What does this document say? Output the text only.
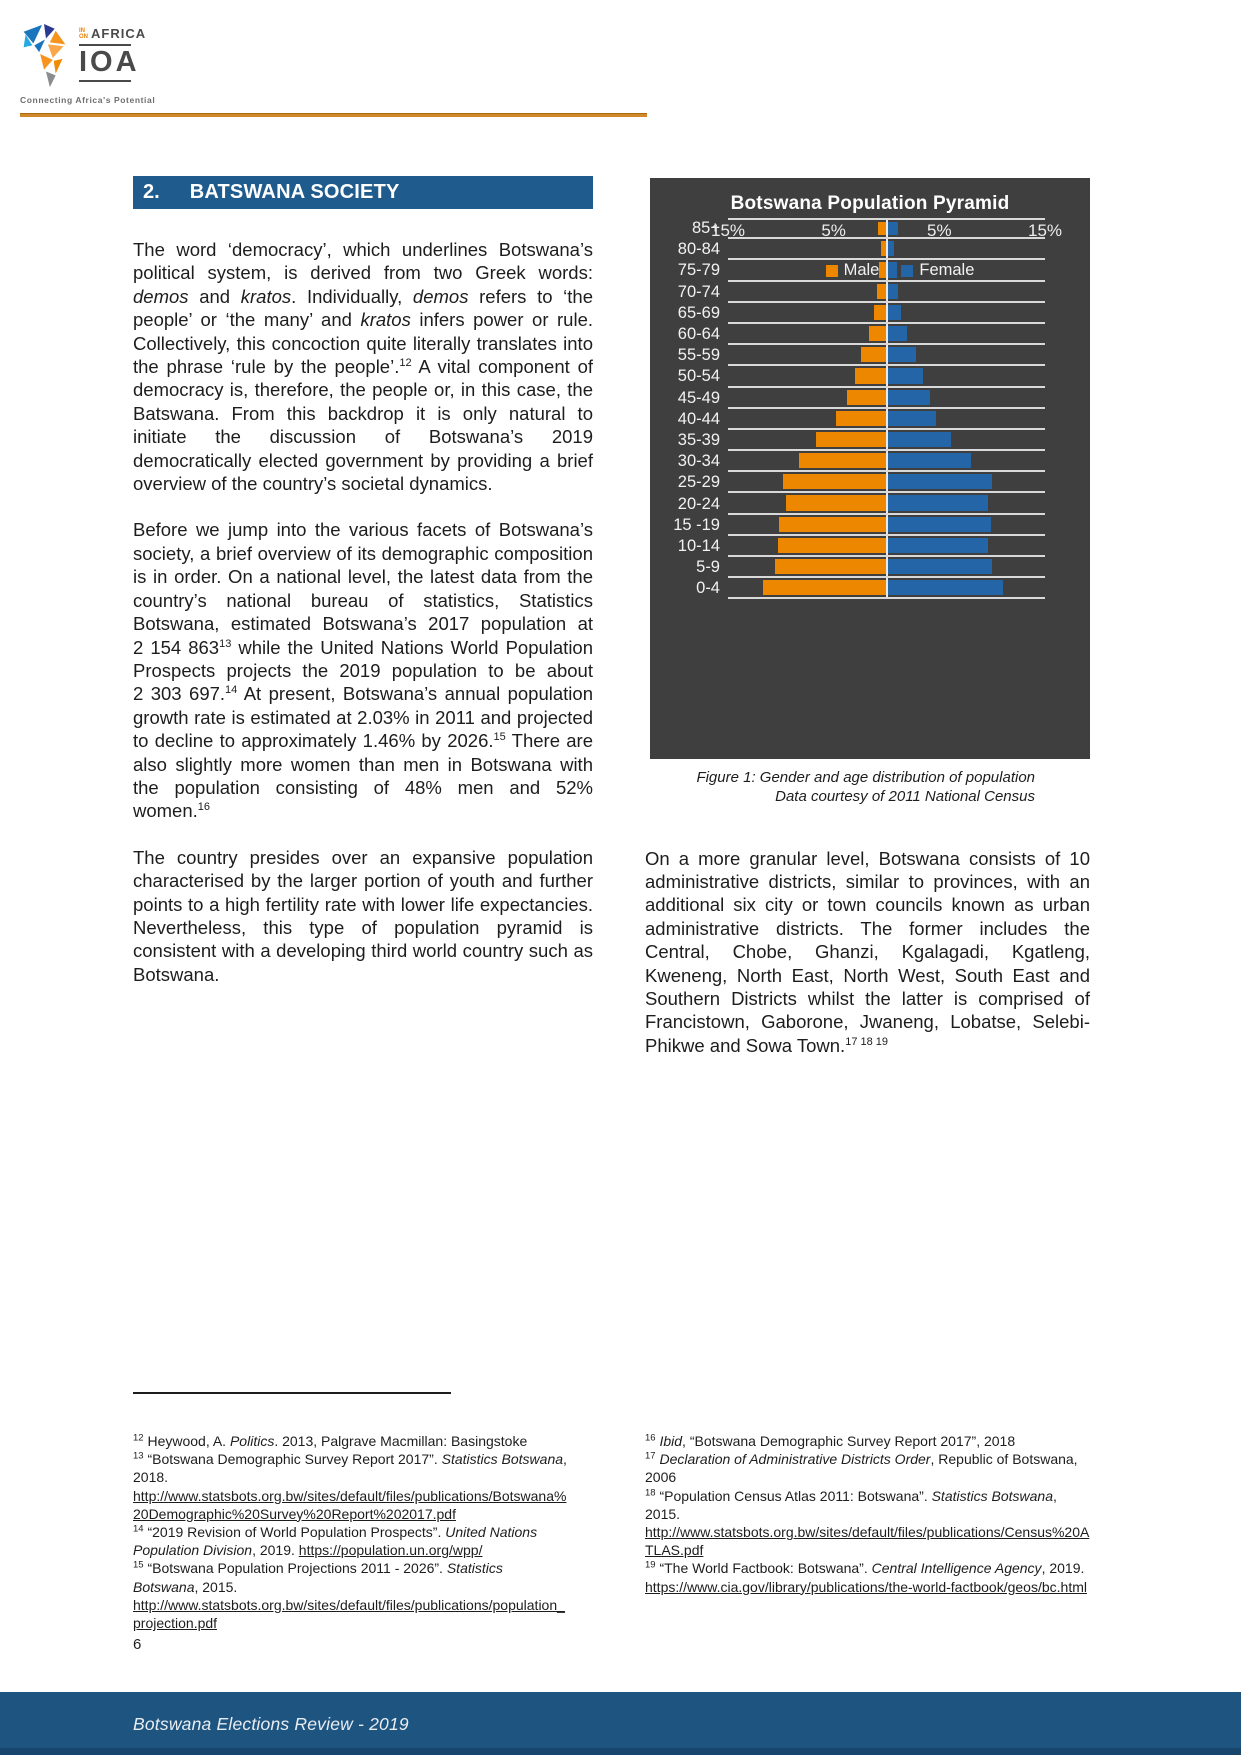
IN
ON AFRICA
IOA
Connecting Africa's Potential
2. BATSWANA SOCIETY

The word ‘democracy’, which underlines Botswana’s political system, is derived from two Greek words: demos and kratos. Individually, demos refers to ‘the people’ or ‘the many’ and kratos infers power or rule. Collectively, this concoction quite literally translates into the phrase ‘rule by the people’.$^{12}$ A vital component of democracy is, therefore, the people or, in this case, the Batswana. From this backdrop it is only natural to initiate the discussion of Botswana’s 2019 democratically elected government by providing a brief overview of the country’s societal dynamics.

Before we jump into the various facets of Botswana’s society, a brief overview of its demographic composition is in order. On a national level, the latest data from the country’s national bureau of statistics, Statistics Botswana, estimated Botswana’s 2017 population at 2 154 $863^{13}$ while the United Nations World Population Prospects projects the 2019 population to be about 2 303 697.14 At present, Botswana’s annual population growth rate is estimated at 2.03% in 2011 and projected to decline to approximately 1.46% by 2026.15 There are also slightly more women than men in Botswana with the population consisting of 48% men and 52% women.$^{16}$

The country presides over an expansive population characterised by the larger portion of youth and further points to a high fertility rate with lower life expectancies. Nevertheless, this type of population pyramid is consistent with a developing third world country such as Botswana.

Botswana Population Pyramid
85+
80-84
75-79
70-74
65-69
60-64
55-59
50-54
45-49
40-44
35-39
30-34
25-29
20-24
15 -19
10-14
5-9
0-4
15%	5%	5%	15%
Male Female
Figure 1: Gender and age distribution of population
Data courtesy of 2011 National Census

On a more granular level, Botswana consists of 10 administrative districts, similar to provinces, with an additional six city or town councils known as urban administrative districts. The former includes the Central, Chobe, Ghanzi, Kgalagadi, Kgatleng, Kweneng, North East, North West, South East and Southern Districts whilst the latter is comprised of Francistown, Gaborone, Jwaneng, Lobatse, Selebi-Phikwe and Sowa Town.$^{17 18 19}$

$^{12}$ Heywood, A. Politics. 2013, Palgrave Macmillan: Basingstoke
$^{13}$ “Botswana Demographic Survey Report 2017”. Statistics Botswana, 2018. http://www.statsbots.org.bw/sites/default/files/publications/Botswana%20Demographic%20Survey%20Report%202017.pdf
$^{14}$ “2019 Revision of World Population Prospects”. United Nations Population Division, 2019. https://population.un.org/wpp/
$^{15}$ “Botswana Population Projections 2011 - 2026”. Statistics Botswana, 2015. http://www.statsbots.org.bw/sites/default/files/publications/population_projection.pdf
$^{16}$ Ibid, “Botswana Demographic Survey Report 2017”, 2018
$^{17}$ Declaration of Administrative Districts Order, Republic of Botswana, 2006
$^{18}$ “Population Census Atlas 2011: Botswana”. Statistics Botswana, 2015. http://www.statsbots.org.bw/sites/default/files/publications/Census%20ATLAS.pdf
$^{19}$ “The World Factbook: Botswana”. Central Intelligence Agency, 2019. https://www.cia.gov/library/publications/the-world-factbook/geos/bc.html
6
Botswana Elections Review - 2019
